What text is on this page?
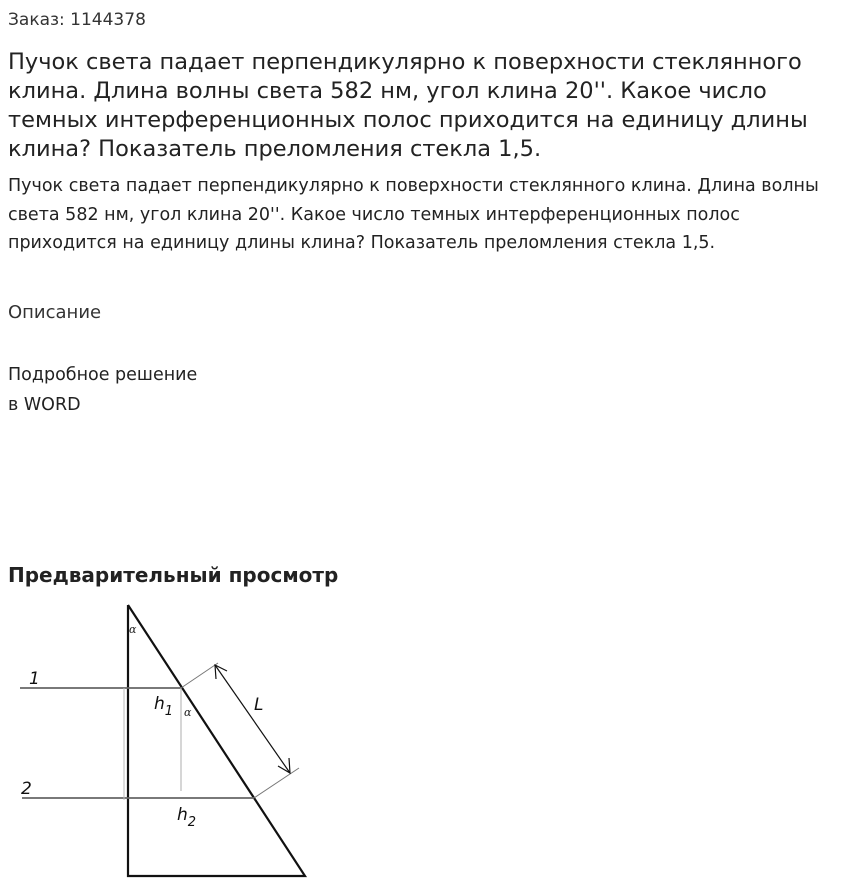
Заказ: 1144378
Пучок света падает перпендикулярно к поверхности стеклянного клина. Длина волны света 582 нм, угол клина 20''. Какое число темных интерференционных полос приходится на единицу длины клина? Показатель преломления стекла 1,5.

Пучок света падает перпендикулярно к поверхности стеклянного клина. Длина волны света 582 нм, угол клина 20''. Какое число темных интерференционных полос приходится на единицу длины клина? Показатель преломления стекла 1,5.

Описание
Подробное решение
в WORD
Предварительный просмотр
1
2
$h_1$
$h_2$
L
α
α
